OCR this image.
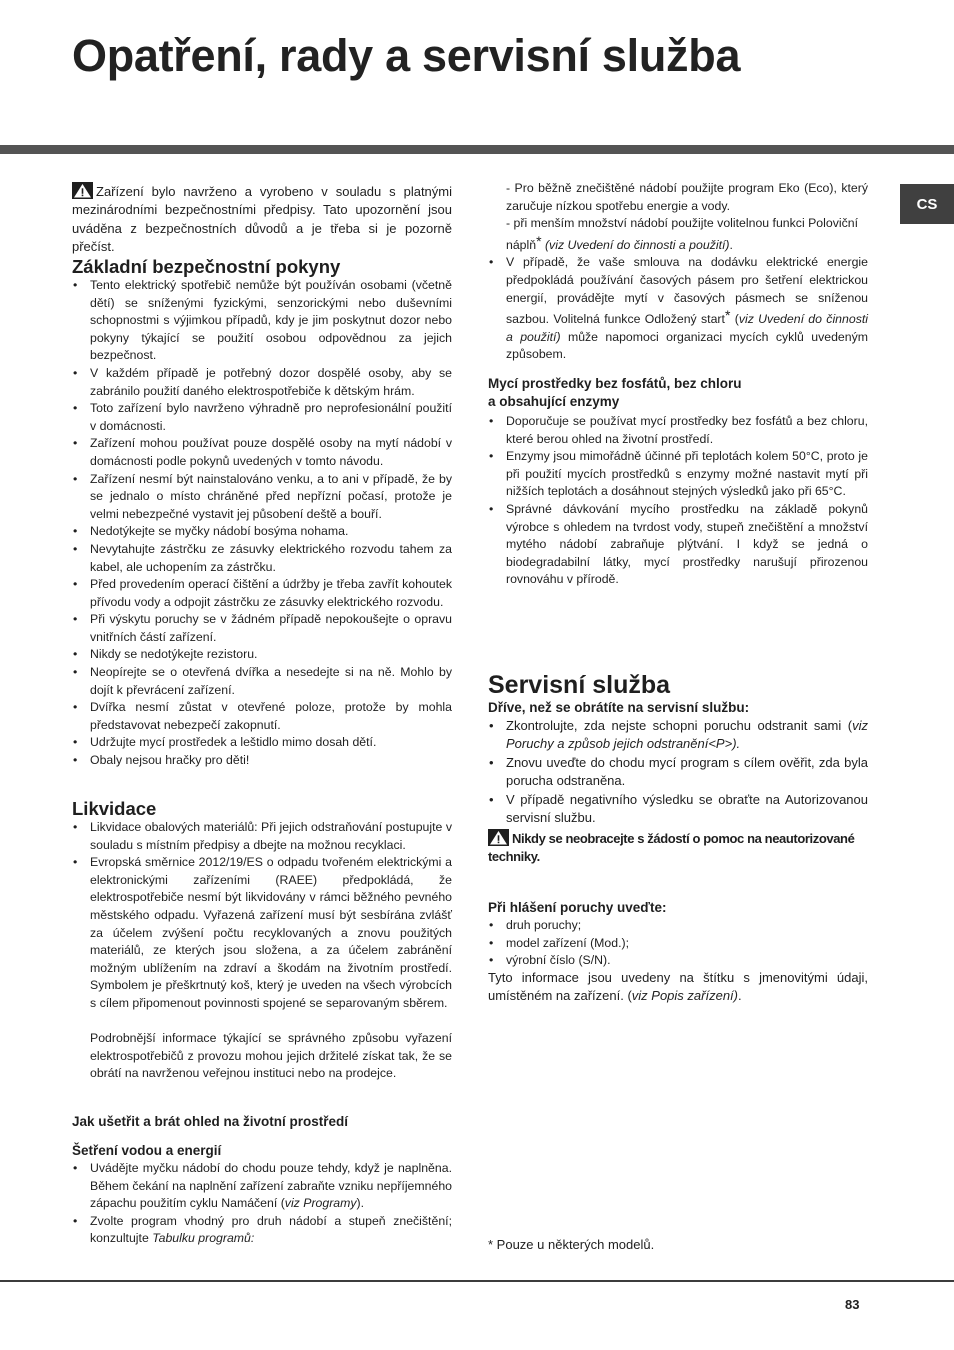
Opatření, rady a servisní služba
CS

Zařízení bylo navrženo a vyrobeno v souladu s platnými mezinárodními bezpečnostními předpisy. Tato upozornění jsou uváděna z bezpečnostních důvodů a je třeba si je pozorně přečíst.

Základní bezpečnostní pokyny
• Tento elektrický spotřebič nemůže být používán osobami (včetně dětí) se sníženými fyzickými, senzorickými nebo duševními schopnostmi s výjimkou případů, kdy je jim poskytnut dozor nebo pokyny týkající se použití osobou odpovědnou za jejich bezpečnost.
• V každém případě je potřebný dozor dospělé osoby, aby se zabránilo použití daného elektrospotřebiče k dětským hrám.
• Toto zařízení bylo navrženo výhradně pro neprofesionální použití v domácnosti.
• Zařízení mohou používat pouze dospělé osoby na mytí nádobí v domácnosti podle pokynů uvedených v tomto návodu.
• Zařízení nesmí být nainstalováno venku, a to ani v případě, že by se jednalo o místo chráněné před nepříznί počasí, protože je velmi nebezpečné vystavit jej působení deště a bouří.
• Nedotýkejte se myčky nádobí bosýma nohama.
• Nevytahujte zástrčku ze zásuvky elektrického rozvodu tahem za kabel, ale uchopením za zástrčku.
• Před provedením operací čištění a údržby je třeba zavřít kohoutek přívodu vody a odpojit zástrčku ze zásuvky elektrického rozvodu.
• Při výskytu poruchy se v žádném případě nepokoušejte o opravu vnitřních částí zařízení.
• Nikdy se nedotýkejte rezistoru.
• Neopírejte se o otevřená dvířka a nesedejte si na ně. Mohlo by dojít k převrácení zařízení.
• Dvířka nesmí zůstat v otevřené poloze, protože by mohla představovat nebezpečí zakopnutí.
• Udržujte mycí prostředek a leštidlo mimo dosah dětí.
• Obaly nejsou hračky pro děti!
Likvidace
• Likvidace obalových materiálů: Při jejich odstraňování postupujte v souladu s místním předpisy a dbejte na možnou recyklaci.
• Evropská směrnice 2012/19/ES o odpadu tvořeném elektrickými a elektronickými zařízeními (RAEE) předpokládá, že elektrospotřebiče nesmí být likvidovány v rámci běžného pevného městského odpadu. Vyřazená zařízení musí být sesbírána zvlášť za účelem zvýšení počtu recyklovaných a znovu použitých materiálů, ze kterých jsou složena, a za účelem zabránění možným ublížením na zdraví a škodám na životním prostředí. Symbolem je přeškrtnutý koš, který je uveden na všech výrobcích s cílem připomenout povinnosti spojené se separovaným sběrem.
Podrobnější informace týkající se správného způsobu vyřazení elektrospotřebičů z provozu mohou jejich držitelé získat tak, že se obrátí na navrženou veřejnou instituci nebo na prodejce.
Jak ušetřit a brát ohled na životní prostředí
Šetření vodou a energií
• Uvádějte myčku nádobí do chodu pouze tehdy, když je naplněna. Během čekání na naplnění zařízení zabraňte vzniku nepříjemného zápachu použitím cyklu Namáčení (viz Programy).
• Zvolte program vhodný pro druh nádobí a stupeň znečištění; konzultujte Tabulku programů:
- Pro běžně znečištěné nádobí použijte program Eko (Eco), který zaručuje nízkou spotřebu energie a vody.
- při menším množství nádobí použijte volitelnou funkci Poloviční náplň* (viz Uvedení do činnosti a použití).
• V případě, že vaše smlouva na dodávku elektrické energie předpokládá používání časových pásem pro šetření elektrickou energií, provádějte mytí v časových pásmech se sníženou sazbou. Volitelná funkce Odložený start* (viz Uvedení do činnosti a použití) může napomoci organizaci mycích cyklů uvedeným způsobem.
Mycí prostředky bez fosfátů, bez chloru
a obsahující enzymy
• Doporučuje se používat mycí prostředky bez fosfátů a bez chloru, které berou ohled na životní prostředí.
• Enzymy jsou mimořádně účinné při teplotách kolem 50°C, proto je při použití mycích prostředků s enzymy možné nastavit mytí při nižších teplotách a dosáhnout stejných výsledků jako při 65°C.
• Správné dávkování mycího prostředku na základě pokynů výrobce s ohledem na tvrdost vody, stupeň znečištění a množství mytého nádobí zabraňuje plýtvání. I když se jedná o biodegradabilní látky, mycí prostředky narušují přirozenou rovnováhu v přírodě.
Servisní služba
Dříve, než se obrátíte na servisní službu:
• Zkontrolujte, zda nejste schopni poruchu odstranit sami (viz Poruchy a způsob jejich odstranění<P>).
• Znovu uveďte do chodu mycí program s cílem ověřit, zda byla porucha odstraněna.
• V případě negativního výsledku se obraťte na Autorizovanou servisní službu.

Nikdy se neobracejte s žádostí o pomoc na neautorizované techniky.

Při hlášení poruchy uveďte:
• druh poruchy;
• model zařízení (Mod.);
• výrobní číslo (S/N).

Tyto informace jsou uvedeny na štítku s jmenovitými údaji, umístěném na zařízení. (viz Popis zařízení).

* Pouze u některých modelů.
83
